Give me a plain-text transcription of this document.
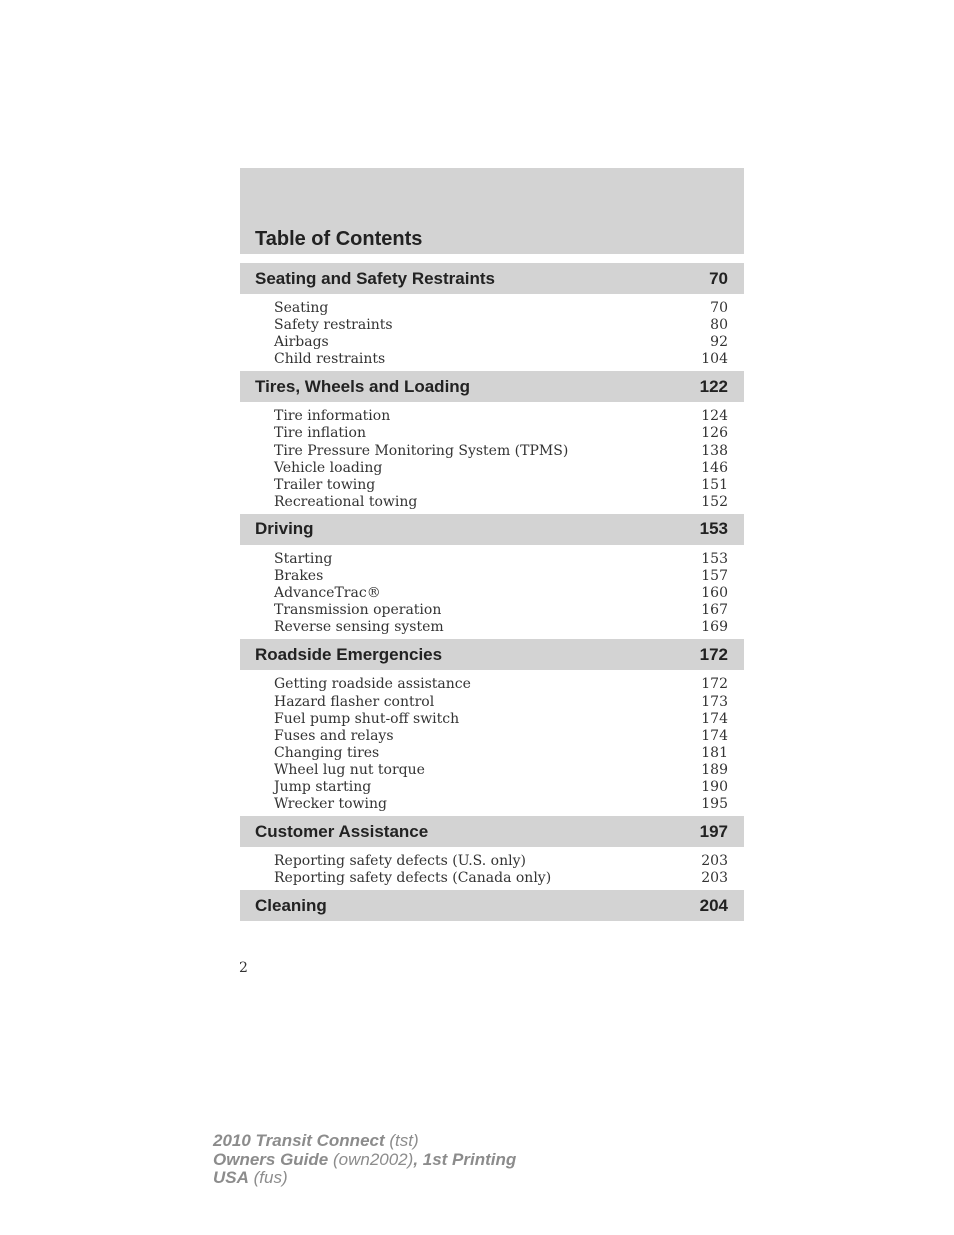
Table of Contents
Seating and Safety Restraints	70
Seating	70
Safety restraints	80
Airbags	92
Child restraints	104
Tires, Wheels and Loading	122
Tire information	124
Tire inflation	126
Tire Pressure Monitoring System (TPMS)	138
Vehicle loading	146
Trailer towing	151
Recreational towing	152
Driving	153
Starting	153
Brakes	157
AdvanceTrac®	160
Transmission operation	167
Reverse sensing system	169
Roadside Emergencies	172
Getting roadside assistance	172
Hazard flasher control	173
Fuel pump shut-off switch	174
Fuses and relays	174
Changing tires	181
Wheel lug nut torque	189
Jump starting	190
Wrecker towing	195
Customer Assistance	197
Reporting safety defects (U.S. only)	203
Reporting safety defects (Canada only)	203
Cleaning	204
2
2010 Transit Connect (tst)
Owners Guide (own2002), 1st Printing
USA (fus)
